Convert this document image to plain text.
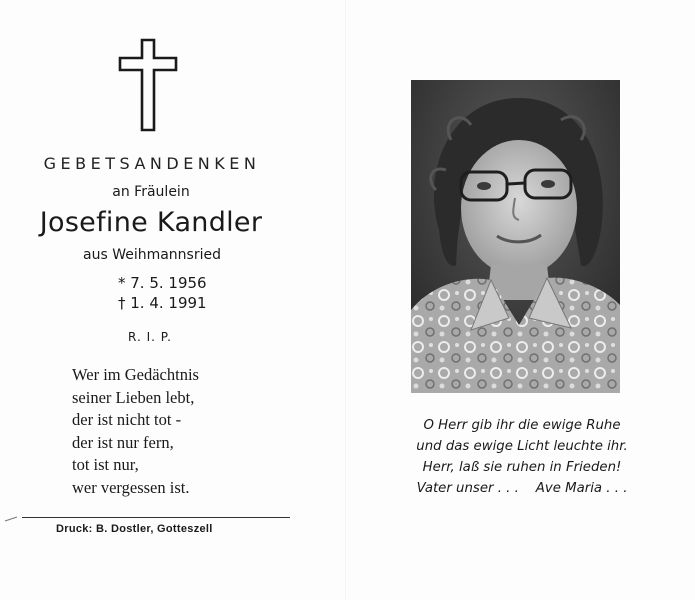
GEBETSANDENKEN
an Fräulein
Josefine Kandler
aus Weihmannsried
* 7. 5. 1956
† 1. 4. 1991
R. I. P.
Wer im Gedächtnis
seiner Lieben lebt,
der ist nicht tot -
der ist nur fern,
tot ist nur,
wer vergessen ist.
Druck: B. Dostler, Gotteszell
O Herr gib ihr die ewige Ruhe
und das ewige Licht leuchte ihr.
Herr, laß sie ruhen in Frieden!
Vater unser . . .    Ave Maria . . .
